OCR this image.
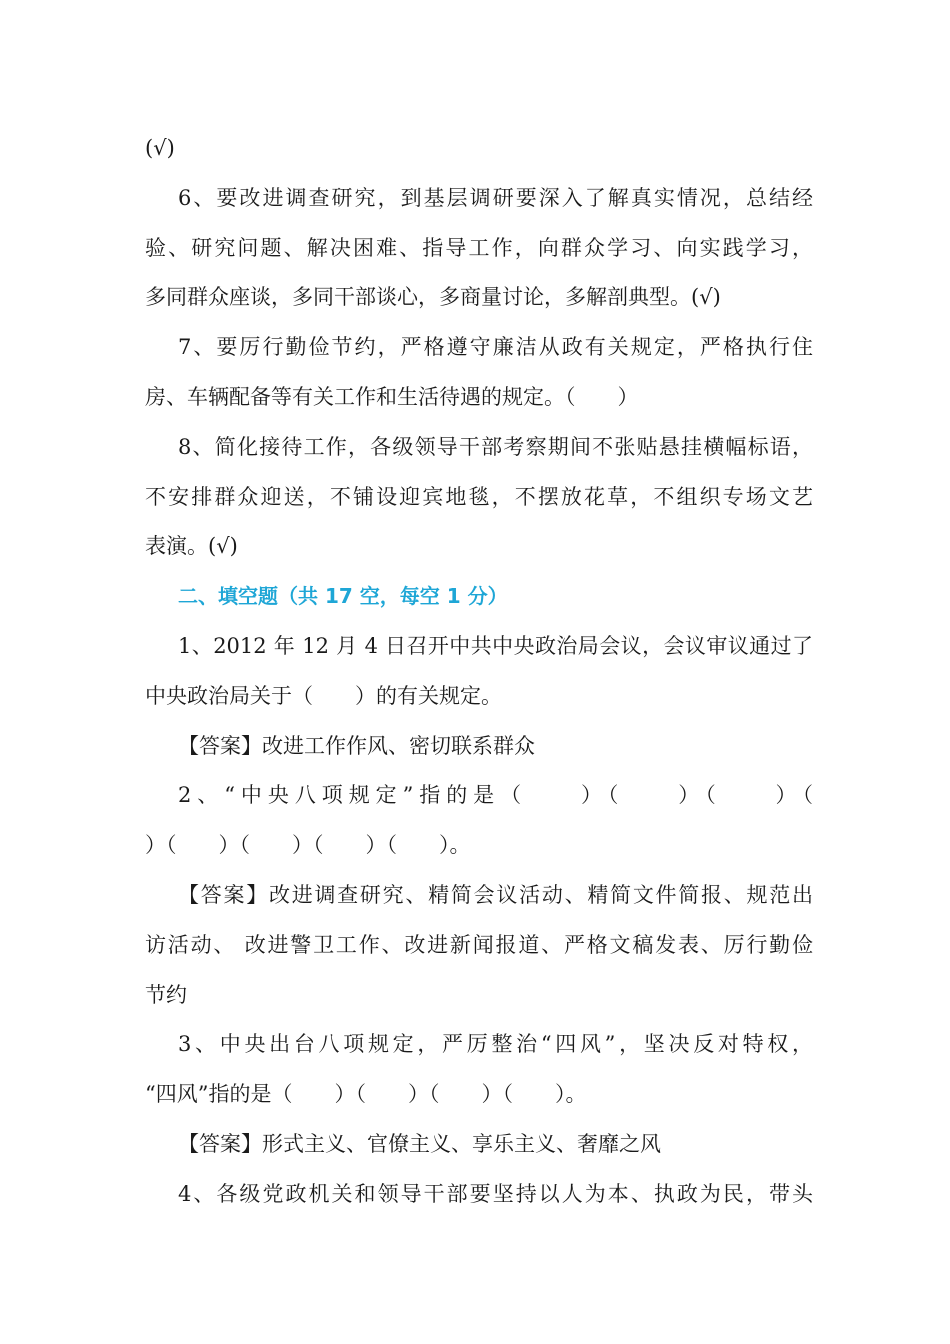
(√)
6、要改进调查研究，到基层调研要深入了解真实情况，总结经
验、研究问题、解决困难、指导工作，向群众学习、向实践学习，
多同群众座谈，多同干部谈心，多商量讨论，多解剖典型。(√)
7、要厉行勤俭节约，严格遵守廉洁从政有关规定，严格执行住
房、车辆配备等有关工作和生活待遇的规定。（　　）
8、简化接待工作，各级领导干部考察期间不张贴悬挂横幅标语，
不安排群众迎送，不铺设迎宾地毯，不摆放花草，不组织专场文艺
表演。(√)
二、填空题（共 17 空，每空 1 分）
1、2012 年 12 月 4 日召开中共中央政治局会议，会议审议通过了
中央政治局关于（　　）的有关规定。
【答案】改进工作作风、密切联系群众
2、“中央八项规定”指的是（　　）（　　）（　　）（
）（　　）（　　）（　　）（　　）。
【答案】改进调查研究、精简会议活动、精简文件简报、规范出
访活动、 改进警卫工作、改进新闻报道、严格文稿发表、厉行勤俭
节约
3、中央出台八项规定，严厉整治“四风”，坚决反对特权，
“四风”指的是（　　）（　　）（　　）（　　）。
【答案】形式主义、官僚主义、享乐主义、奢靡之风
4、各级党政机关和领导干部要坚持以人为本、执政为民，带头
